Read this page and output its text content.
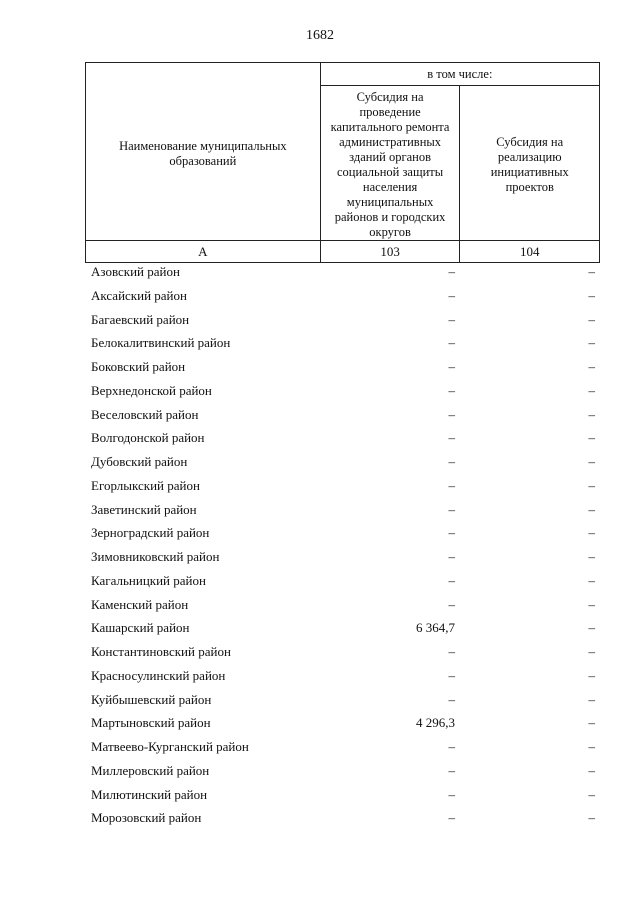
1682
Наименование муниципальных образований	в том числе:	

	Субсидия на проведение капитального ремонта административных зданий органов социальной защиты населения муниципальных районов и городских округов	Субсидия на реализацию инициативных проектов

А	103	104
Азовский район	–	–
Аксайский район	–	–
Багаевский район	–	–
Белокалитвинский район	–	–
Боковский район	–	–
Верхнедонской район	–	–
Веселовский район	–	–
Волгодонской район	–	–
Дубовский район	–	–
Егорлыкский район	–	–
Заветинский район	–	–
Зерноградский район	–	–
Зимовниковский район	–	–
Кагальницкий район	–	–
Каменский район	–	–
Кашарский район	6 364,7	–
Константиновский район	–	–
Красносулинский район	–	–
Куйбышевский район	–	–
Мартыновский район	4 296,3	–
Матвеево-Курганский район	–	–
Миллеровский район	–	–
Милютинский район	–	–
Морозовский район	–	–
